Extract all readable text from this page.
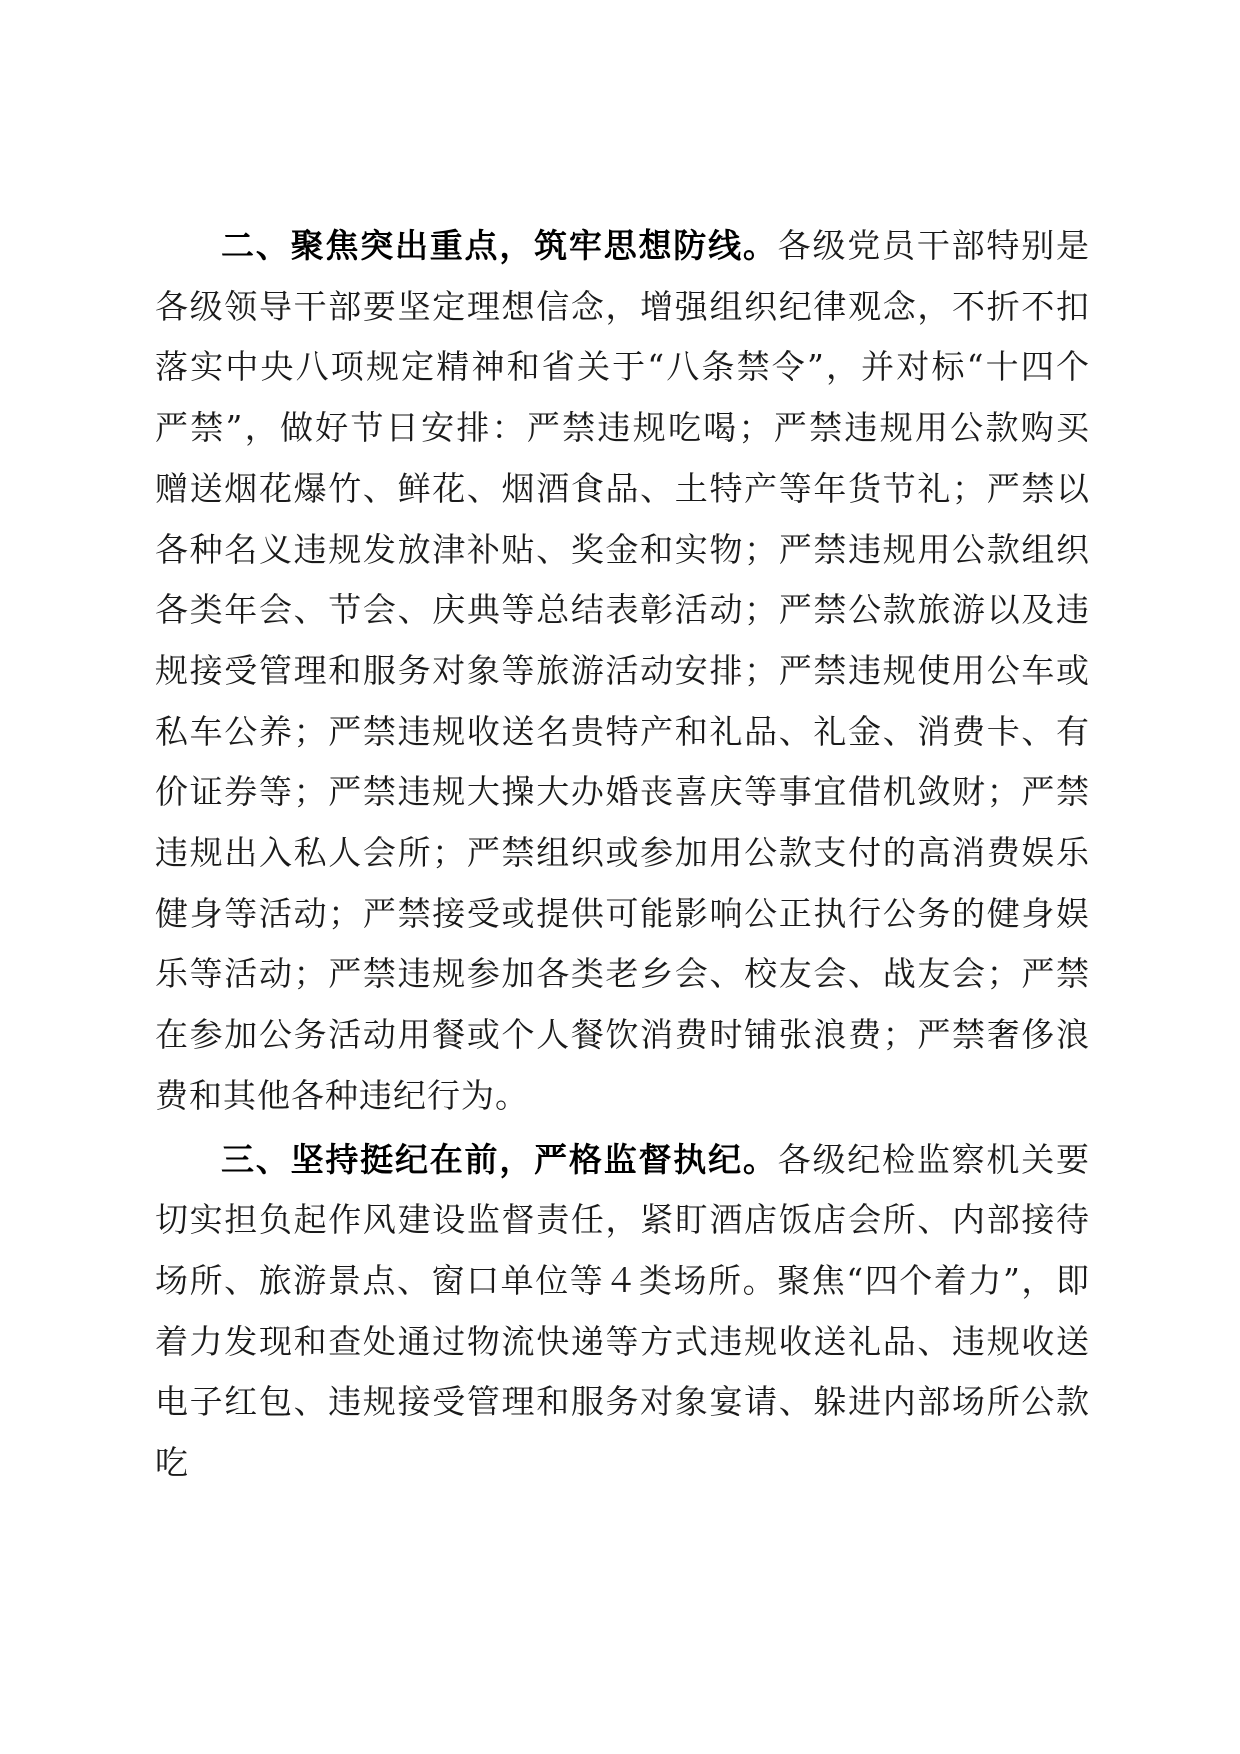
二、聚焦突出重点，筑牢思想防线。各级党员干部特别是各级领导干部要坚定理想信念，增强组织纪律观念，不折不扣落实中央八项规定精神和省关于“八条禁令”，并对标“十四个严禁”，做好节日安排：严禁违规吃喝；严禁违规用公款购买赠送烟花爆竹、鲜花、烟酒食品、土特产等年货节礼；严禁以各种名义违规发放津补贴、奖金和实物；严禁违规用公款组织各类年会、节会、庆典等总结表彰活动；严禁公款旅游以及违规接受管理和服务对象等旅游活动安排；严禁违规使用公车或私车公养；严禁违规收送名贵特产和礼品、礼金、消费卡、有价证券等；严禁违规大操大办婚丧喜庆等事宜借机敛财；严禁违规出入私人会所；严禁组织或参加用公款支付的高消费娱乐健身等活动；严禁接受或提供可能影响公正执行公务的健身娱乐等活动；严禁违规参加各类老乡会、校友会、战友会；严禁在参加公务活动用餐或个人餐饮消费时铺张浪费；严禁奢侈浪费和其他各种违纪行为。

三、坚持挺纪在前，严格监督执纪。各级纪检监察机关要切实担负起作风建设监督责任，紧盯酒店饭店会所、内部接待场所、旅游景点、窗口单位等４类场所。聚焦“四个着力”，即着力发现和查处通过物流快递等方式违规收送礼品、违规收送电子红包、违规接受管理和服务对象宴请、躲进内部场所公款吃
